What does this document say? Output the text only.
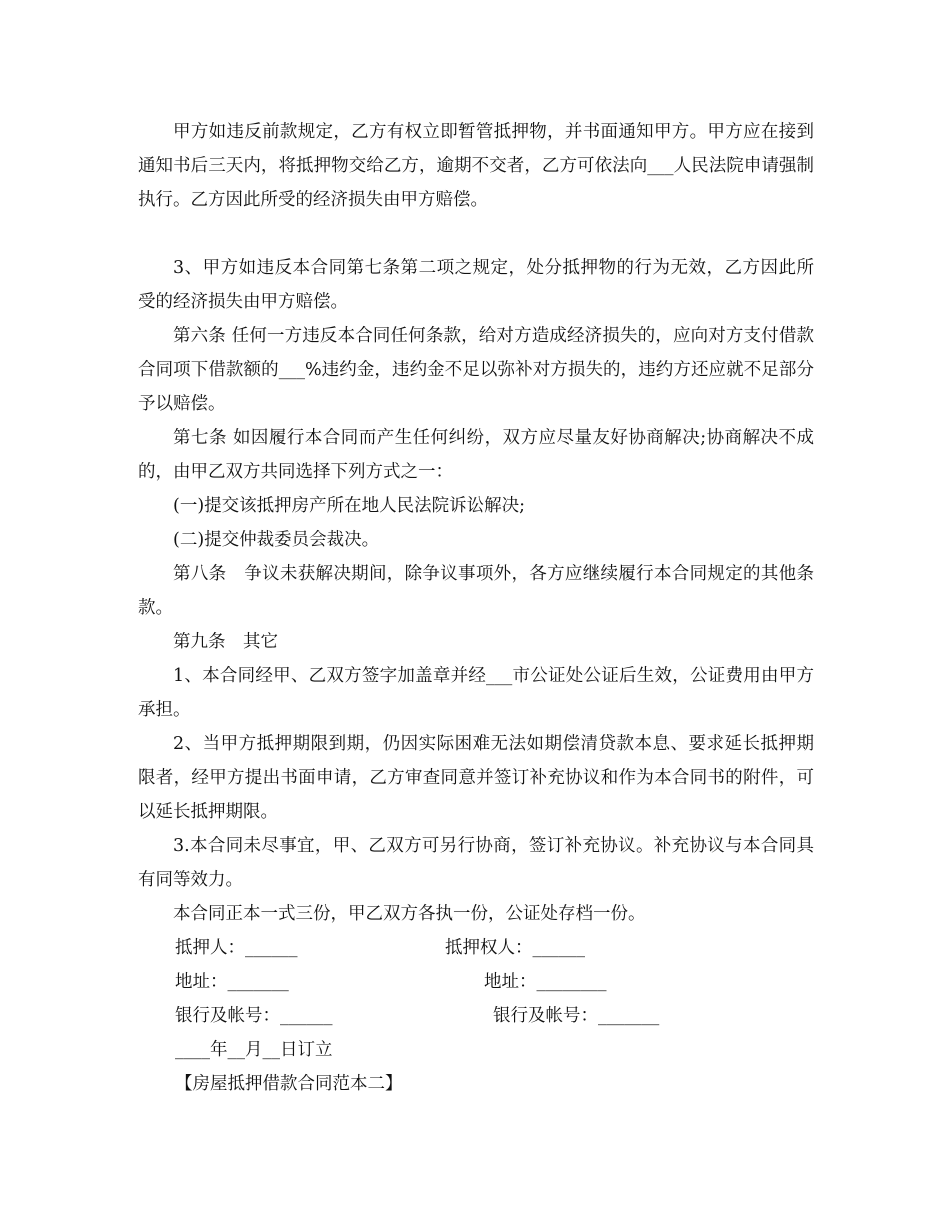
甲方如违反前款规定，乙方有权立即暂管抵押物，并书面通知甲方。甲方应在接到通知书后三天内，将抵押物交给乙方，逾期不交者，乙方可依法向___人民法院申请强制执行。乙方因此所受的经济损失由甲方赔偿。

3、甲方如违反本合同第七条第二项之规定，处分抵押物的行为无效，乙方因此所受的经济损失由甲方赔偿。

第六条 任何一方违反本合同任何条款，给对方造成经济损失的，应向对方支付借款合同项下借款额的___%违约金，违约金不足以弥补对方损失的，违约方还应就不足部分予以赔偿。

第七条 如因履行本合同而产生任何纠纷，双方应尽量友好协商解决;协商解决不成的，由甲乙双方共同选择下列方式之一：

(一)提交该抵押房产所在地人民法院诉讼解决;

(二)提交仲裁委员会裁决。

第八条　争议未获解决期间，除争议事项外，各方应继续履行本合同规定的其他条款。

第九条　其它

1、本合同经甲、乙双方签字加盖章并经___市公证处公证后生效，公证费用由甲方承担。

2、当甲方抵押期限到期，仍因实际困难无法如期偿清贷款本息、要求延长抵押期限者，经甲方提出书面申请，乙方审查同意并签订补充协议和作为本合同书的附件，可以延长抵押期限。

3.本合同未尽事宜，甲、乙双方可另行协商，签订补充协议。补充协议与本合同具有同等效力。

本合同正本一式三份，甲乙双方各执一份，公证处存档一份。

抵押人：______	抵押权人：______

地址：_______	地址：________

银行及帐号：______	银行及帐号：_______

____年__月__日订立

【房屋抵押借款合同范本二】
